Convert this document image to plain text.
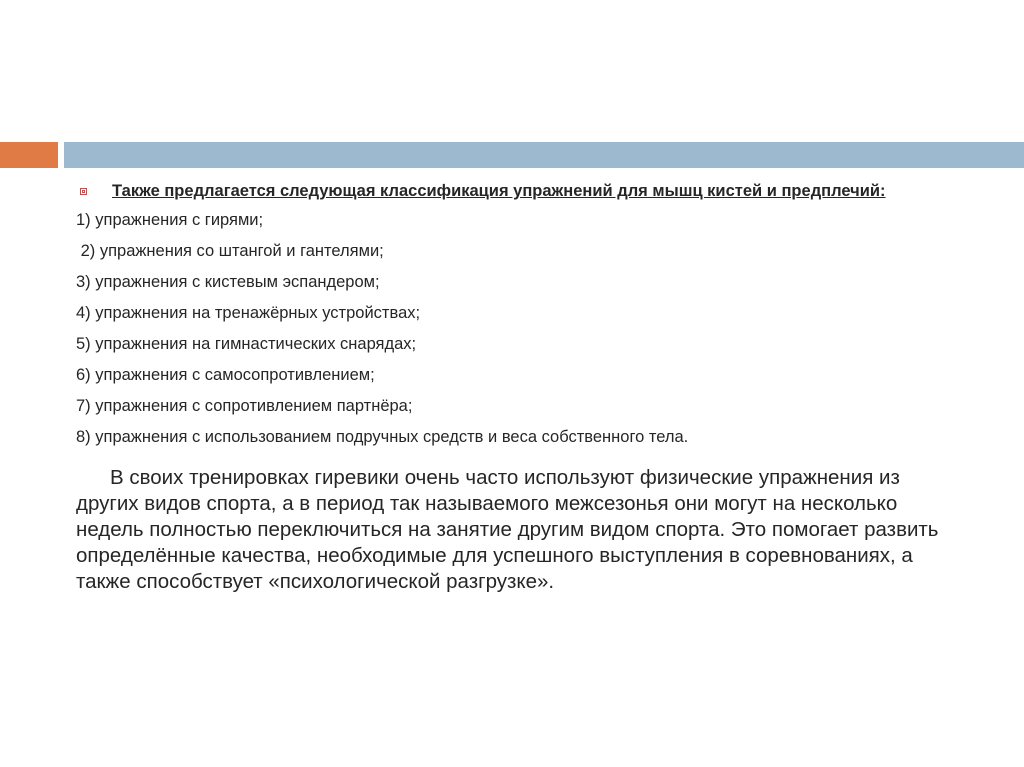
Также предлагается следующая классификация упражнений для мышц кистей и предплечий:
1) упражнения с гирями;
2) упражнения со штангой и гантелями;
3) упражнения с кистевым эспандером;
4) упражнения на тренажёрных устройствах;
5) упражнения на гимнастических снарядах;
6) упражнения с самосопротивлением;
7) упражнения с сопротивлением партнёра;
8) упражнения с использованием подручных средств и веса собственного тела.

В своих тренировках гиревики очень часто используют физические упражнения из других видов спорта, а в период так называемого межсезонья они могут на несколько недель полностью переключиться на занятие другим видом спорта. Это помогает развить определённые качества, необходимые для успешного выступления в соревнованиях, а также способствует «психологической разгрузке».
